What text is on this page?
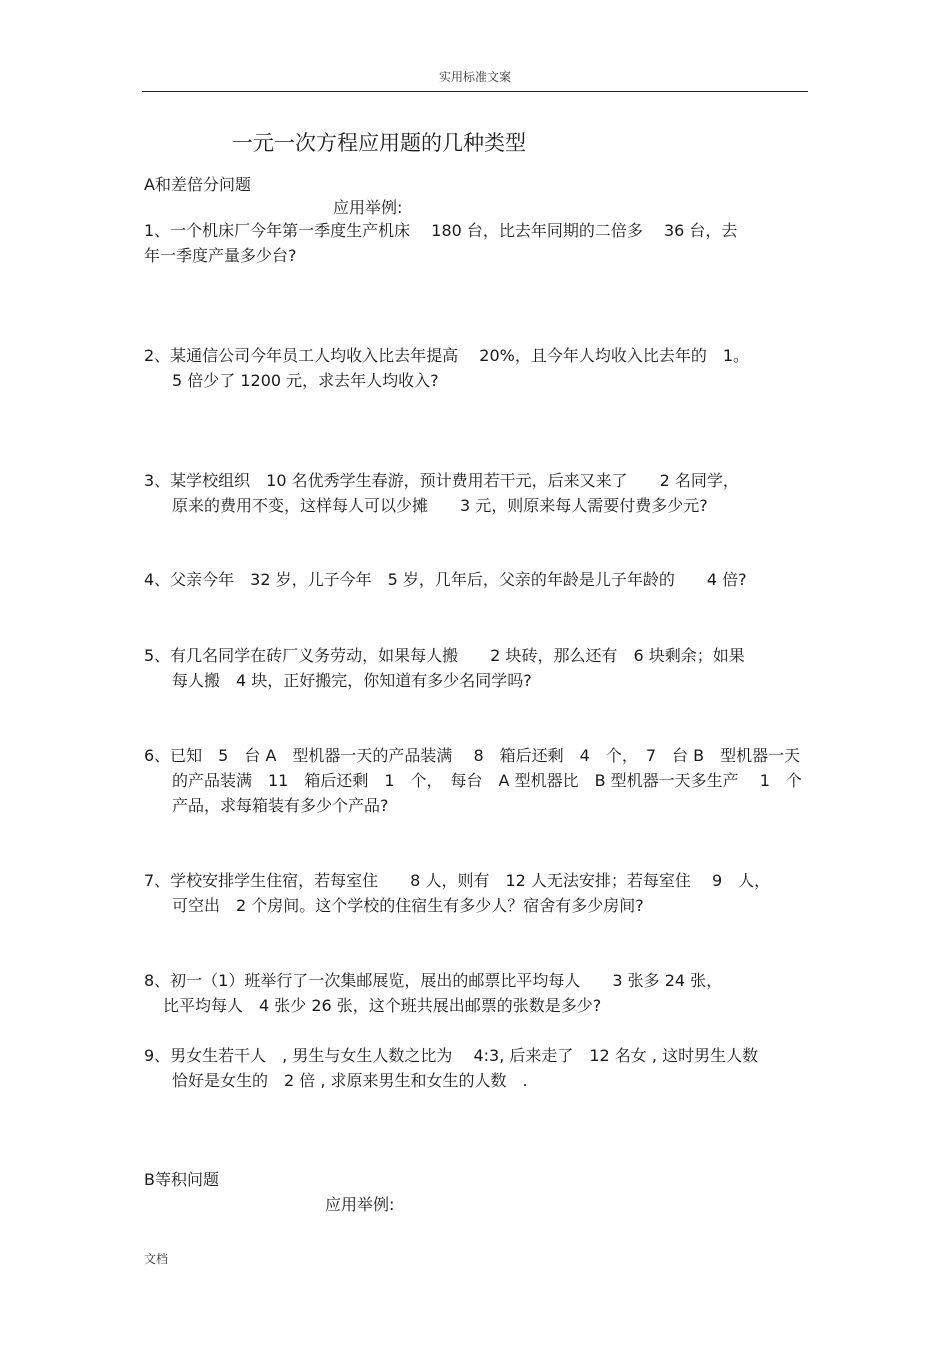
实用标准文案
一元一次方程应用题的几种类型
A和差倍分问题
应用举例:
1、一个机床厂今年第一季度生产机床　 180 台，比去年同期的二倍多　 36 台，去
年一季度产量多少台?
2、某通信公司今年员工人均收入比去年提高　 20%，且今年人均收入比去年的　1。
5 倍少了 1200 元，求去年人均收入?
3、某学校组织　10 名优秀学生春游，预计费用若干元，后来又来了　　2 名同学，
原来的费用不变，这样每人可以少摊　　3 元，则原来每人需要付费多少元?
4、父亲今年　32 岁，儿子今年　5 岁，几年后，父亲的年龄是儿子年龄的　　4 倍?
5、有几名同学在砖厂义务劳动，如果每人搬　　2 块砖，那么还有　6 块剩余；如果
每人搬　4 块，正好搬完，你知道有多少名同学吗?
6、已知　5　台 A　型机器一天的产品装满　 8　箱后还剩　4　个，　7　台 B　型机器一天
的产品装满　11　箱后还剩　1　个，　每台　A 型机器比　B 型机器一天多生产　 1　个
产品，求每箱装有多少个产品?
7、学校安排学生住宿，若每室住　　8 人，则有　12 人无法安排；若每室住　 9　人，
可空出　2 个房间。这个学校的住宿生有多少人？宿舍有多少房间?
8、初一（1）班举行了一次集邮展览，展出的邮票比平均每人　　3 张多 24 张，
比平均每人　4 张少 26 张，这个班共展出邮票的张数是多少?
9、男女生若干人　, 男生与女生人数之比为　 4:3, 后来走了　12 名女 , 这时男生人数
恰好是女生的　2 倍 , 求原来男生和女生的人数　.
B等积问题
应用举例:
文档
